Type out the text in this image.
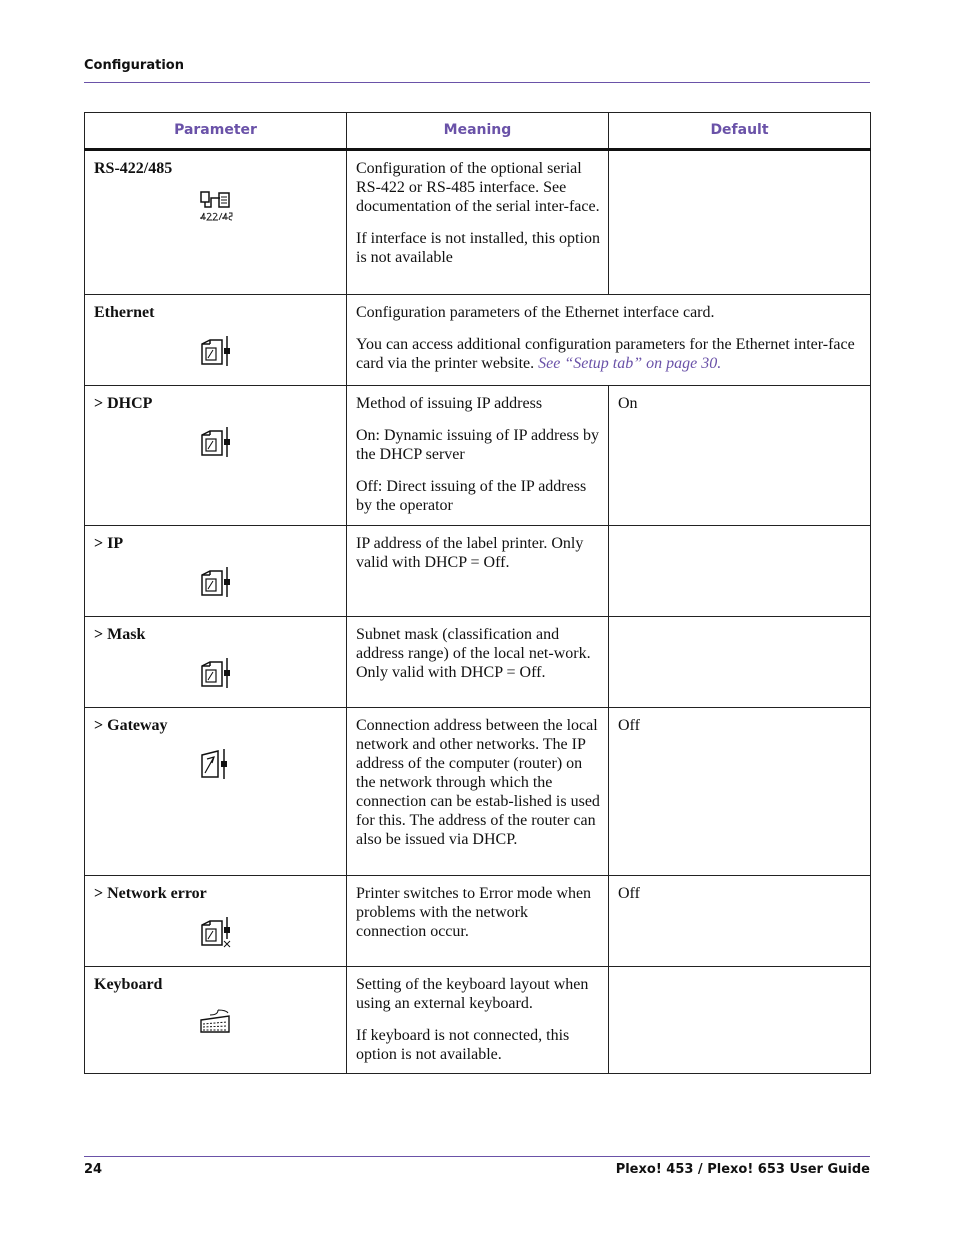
Configuration
Parameter	Meaning	Default

RS-422/485	Configuration of the optional serial RS-422 or RS-485 interface. See documentation of the serial inter-face.

If interface is not installed, this option is not available	

Ethernet	Configuration parameters of the Ethernet interface card.

You can access additional configuration parameters for the Ethernet inter-face card via the printer website. See “Setup tab” on page 30.	

> DHCP	Method of issuing IP address

On: Dynamic issuing of IP address by the DHCP server

Off: Direct issuing of the IP address by the operator	On

> IP	IP address of the label printer. Only valid with DHCP = Off.	

> Mask	Subnet mask (classification and address range) of the local net-work. Only valid with DHCP = Off.	

> Gateway	Connection address between the local network and other networks. The IP address of the computer (router) on the network through which the connection can be estab-lished is used for this. The address of the router can also be issued via DHCP.	Off

> Network error	Printer switches to Error mode when problems with the network connection occur.	Off

Keyboard	Setting of the keyboard layout when using an external keyboard.

If keyboard is not connected, this option is not available.	

24	Plexo! 453 / Plexo! 653 User Guide
